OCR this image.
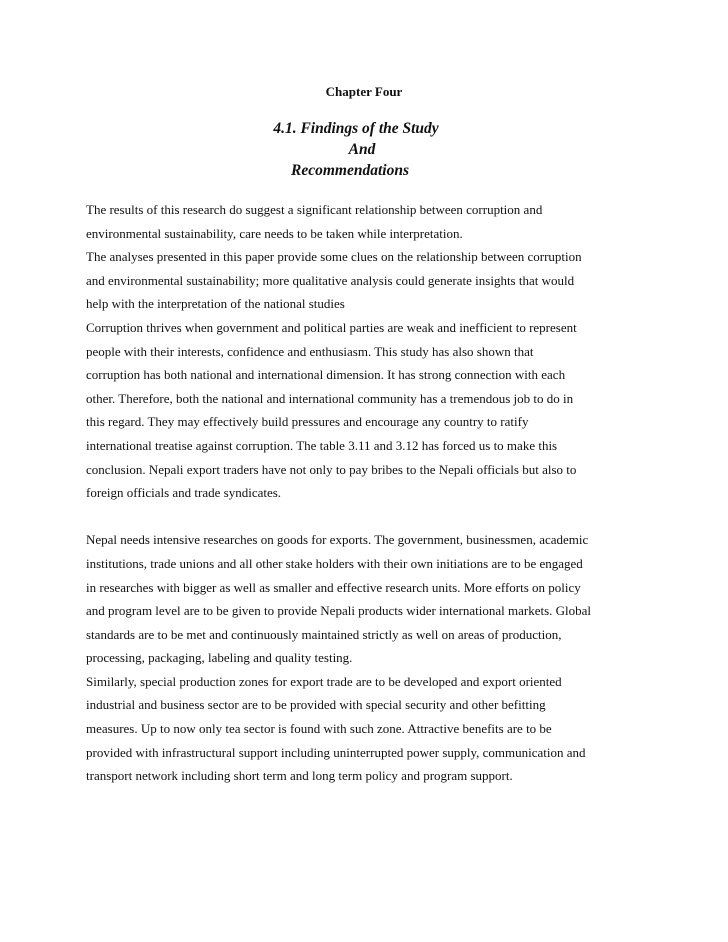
Chapter Four
4.1. Findings of the Study
And
Recommendations
The results of this research do suggest a significant relationship between corruption and
environmental sustainability, care needs to be taken while interpretation.
The analyses presented in this paper provide some clues on the relationship between corruption
and environmental sustainability; more qualitative analysis could generate insights that would
help with the interpretation of the national studies
Corruption thrives when government and political parties are weak and inefficient to represent
people with their interests, confidence and enthusiasm. This study has also shown that
corruption has both national and international dimension. It has strong connection with each
other. Therefore, both the national and international community has a tremendous job to do in
this regard. They may effectively build pressures and encourage any country to ratify
international treatise against corruption. The table 3.11 and 3.12 has forced us to make this
conclusion. Nepali export traders have not only to pay bribes to the Nepali officials but also to
foreign officials and trade syndicates.
Nepal needs intensive researches on goods for exports. The government, businessmen, academic
institutions, trade unions and all other stake holders with their own initiations are to be engaged
in researches with bigger as well as smaller and effective research units. More efforts on policy
and program level are to be given to provide Nepali products wider international markets. Global
standards are to be met and continuously maintained strictly as well on areas of production,
processing, packaging, labeling and quality testing.
Similarly, special production zones for export trade are to be developed and export oriented
industrial and business sector are to be provided with special security and other befitting
measures. Up to now only tea sector is found with such zone. Attractive benefits are to be
provided with infrastructural support including uninterrupted power supply, communication and
transport network including short term and long term policy and program support.
